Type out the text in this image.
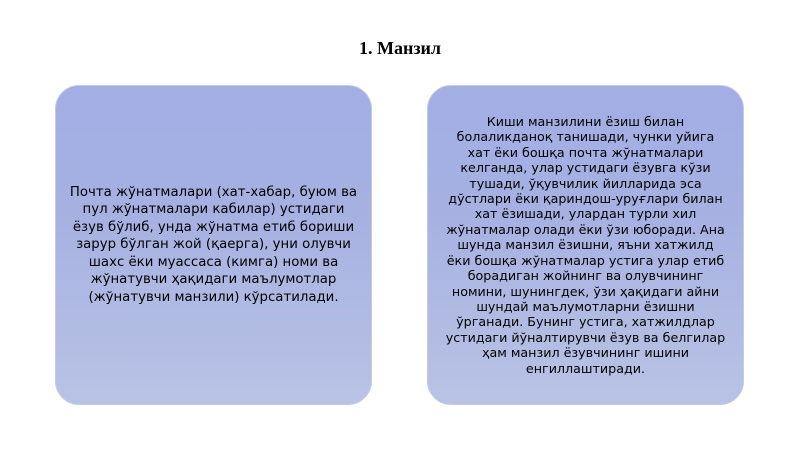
1. Манзил

Почта жўнатмалари (хат-хабар, буюм ва пул жўнатмалари кабилар) устидаги ёзув бўлиб, унда жўнатма етиб бориши зарур бўлган жой (қаерга), уни олувчи шахс ёки муассаса (кимга) номи ва жўнатувчи ҳақидаги маълумотлар (жўнатувчи манзили) кўрсатилади.

Киши манзилини ёзиш билан болаликданоқ танишади, чунки уйига хат ёки бошқа почта жўнатмалари келганда, улар устидаги ёзувга кўзи тушади, ўқувчилик йилларида эса дўстлари ёки қариндош-уруғлари билан хат ёзишади, улардан турли хил жўнатмалар олади ёки ўзи юборади. Ана шунда манзил ёзишни, яъни хатжилд ёки бошқа жўнатмалар устига улар етиб борадиган жойнинг ва олувчининг номини, шунингдек, ўзи ҳақидаги айни шундай маълумотларни ёзишни ўрганади. Бунинг устига, хатжилдлар устидаги йўналтирувчи ёзув ва белгилар ҳам манзил ёзувчининг ишини енгиллаштиради.
